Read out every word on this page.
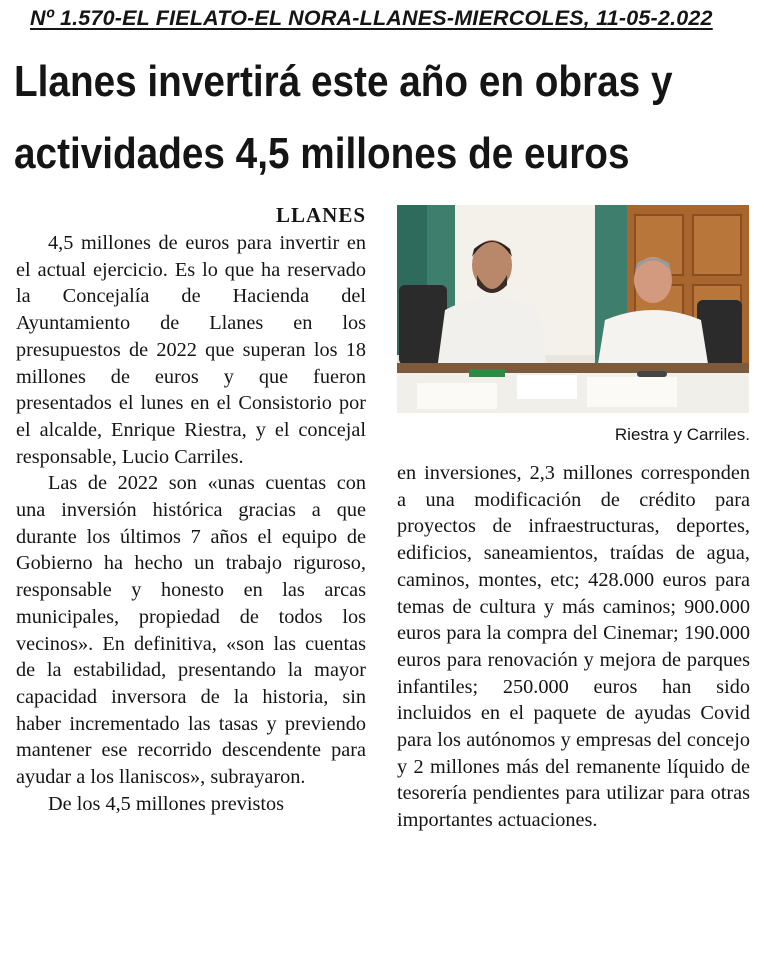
Nº 1.570-EL FIELATO-EL NORA-LLANES-MIERCOLES, 11-05-2.022
Llanes invertirá este año en obras y
actividades 4,5 millones de euros
LLANES

4,5 millones de euros para invertir en el actual ejercicio. Es lo que ha reservado la Concejalía de Hacienda del Ayuntamiento de Llanes en los presupuestos de 2022 que superan los 18 millones de euros y que fueron presentados el lunes en el Consistorio por el alcalde, Enrique Riestra, y el concejal responsable, Lucio Carriles.

Las de 2022 son «unas cuentas con una inversión histórica gracias a que durante los últimos 7 años el equipo de Gobierno ha hecho un trabajo riguroso, responsable y honesto en las arcas municipales, propiedad de todos los vecinos». En definitiva, «son las cuentas de la estabilidad, presentando la mayor capacidad inversora de la historia, sin haber incrementado las tasas y previendo mantener ese recorrido descendente para ayudar a los llaniscos», subrayaron.

De los 4,5 millones previstos

Riestra y Carriles.

en inversiones, 2,3 millones corresponden a una modificación de crédito para proyectos de infraestructuras, deportes, edificios, saneamientos, traídas de agua, caminos, montes, etc; 428.000 euros para temas de cultura y más caminos; 900.000 euros para la compra del Cinemar; 190.000 euros para renovación y mejora de parques infantiles; 250.000 euros han sido incluidos en el paquete de ayudas Covid para los autónomos y empresas del concejo y 2 millones más del remanente líquido de tesorería pendientes para utilizar para otras importantes actuaciones.
